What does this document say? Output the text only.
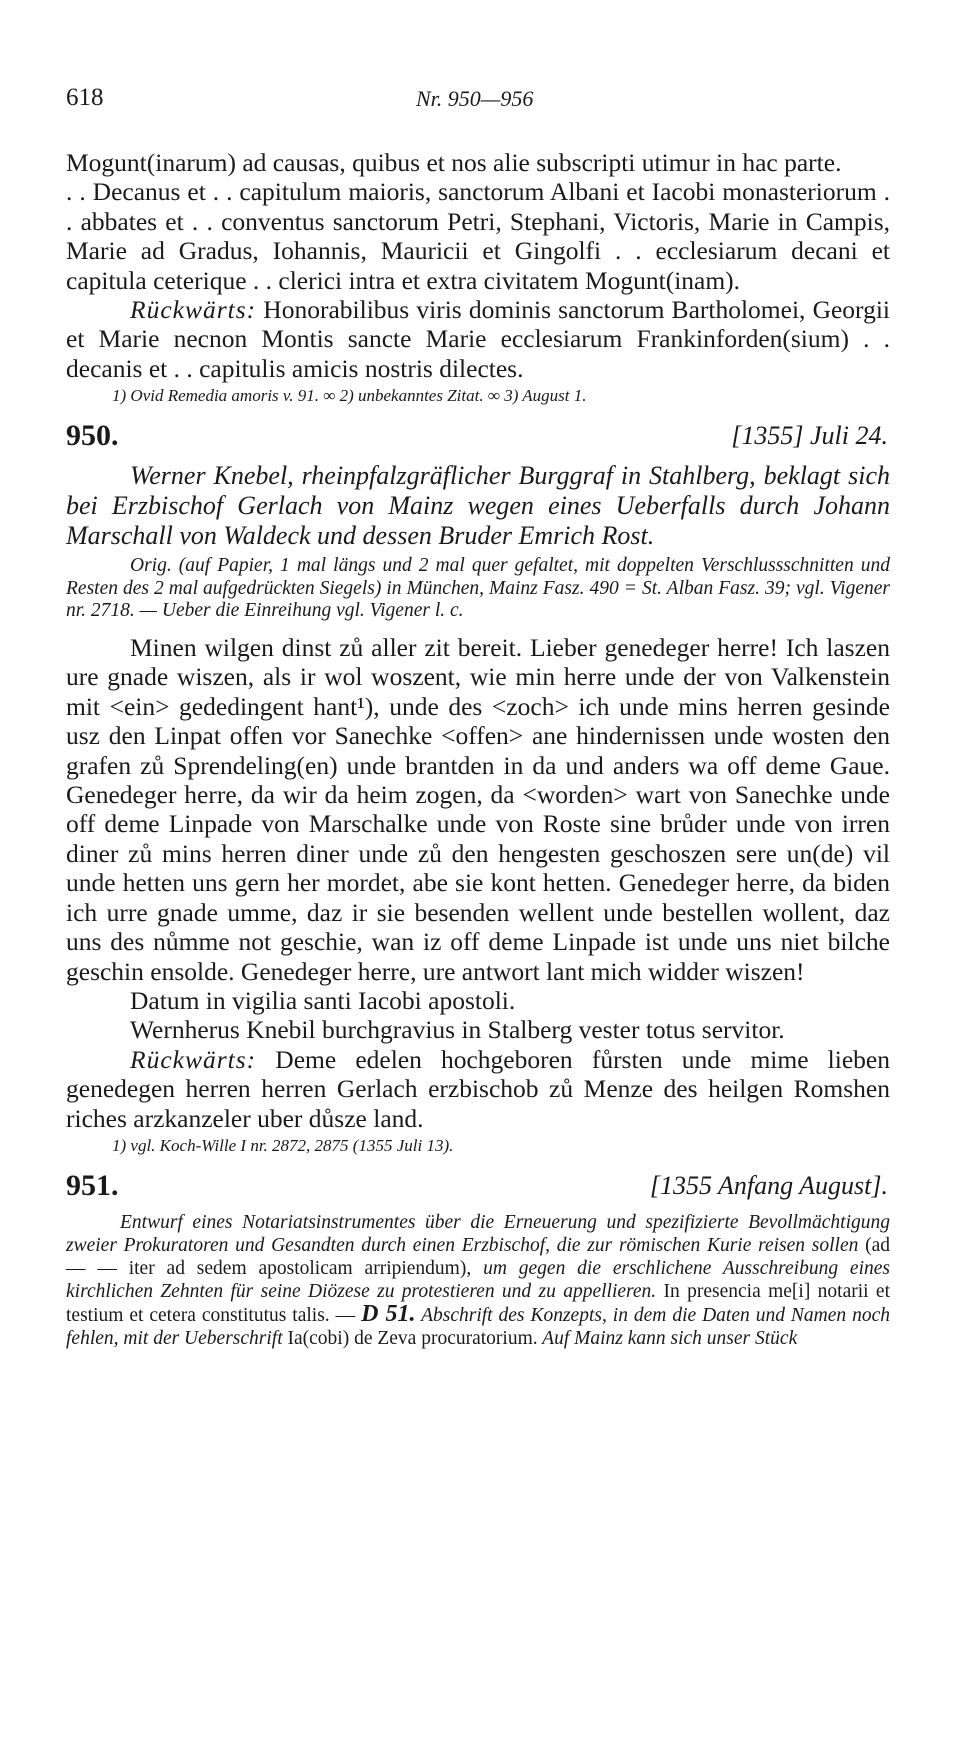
618	Nr. 950—956

Mogunt(inarum) ad causas, quibus et nos alie subscripti utimur in hac parte.

. . Decanus et . . capitulum maioris, sanctorum Albani et Iacobi monasteriorum . . abbates et . . conventus sanctorum Petri, Stephani, Victoris, Marie in Campis, Marie ad Gradus, Iohannis, Mauricii et Gingolfi . . ecclesiarum decani et capitula ceterique . . clerici intra et extra civitatem Mogunt(inam).

Rückwärts: Honorabilibus viris dominis sanctorum Bartholomei, Georgii et Marie necnon Montis sancte Marie ecclesiarum Frankinforden(sium) . . decanis et . . capitulis amicis nostris dilectes.

1) Ovid Remedia amoris v. 91. ∞ 2) unbekanntes Zitat. ∞ 3) August 1.

950.	[1355] Juli 24.

Werner Knebel, rheinpfalzgräflicher Burggraf in Stahlberg, beklagt sich bei Erzbischof Gerlach von Mainz wegen eines Ueberfalls durch Johann Marschall von Waldeck und dessen Bruder Emrich Rost.

Orig. (auf Papier, 1 mal längs und 2 mal quer gefaltet, mit doppelten Verschlussschnitten und Resten des 2 mal aufgedrückten Siegels) in München, Mainz Fasz. 490 = St. Alban Fasz. 39; vgl. Vigener nr. 2718. — Ueber die Einreihung vgl. Vigener l. c.

Minen wilgen dinst zů aller zit bereit. Lieber genedeger herre! Ich laszen ure gnade wiszen, als ir wol woszent, wie min herre unde der von Valkenstein mit ˂ein˃ gededingent hant¹), unde des ˂zoch˃ ich unde mins herren gesinde usz den Linpat offen vor Sanechke <offen> ane hindernissen unde wosten den grafen zů Sprendeling(en) unde brantden in da und anders wa off deme Gaue. Genedeger herre, da wir da heim zogen, da <worden> wart von Sanechke unde off deme Linpade von Marschalke unde von Roste sine brůder unde von irren diner zů mins herren diner unde zů den hengesten geschoszen sere un(de) vil unde hetten uns gern her mordet, abe sie kont hetten. Genedeger herre, da biden ich urre gnade umme, daz ir sie besenden wellent unde bestellen wollent, daz uns des nůmme not geschie, wan iz off deme Linpade ist unde uns niet bilche geschin ensolde. Genedeger herre, ure antwort lant mich widder wiszen!

Datum in vigilia santi Iacobi apostoli.

Wernherus Knebil burchgravius in Stalberg vester totus servitor.

Rückwärts: Deme edelen hochgeboren fůrsten unde mime lieben genedegen herren herren Gerlach erzbischob zů Menze des heilgen Romshen riches arzkanzeler uber důsze land.

1) vgl. Koch-Wille I nr. 2872, 2875 (1355 Juli 13).

951.	[1355 Anfang August].

Entwurf eines Notariatsinstrumentes über die Erneuerung und spezifizierte Bevollmächtigung zweier Prokuratoren und Gesandten durch einen Erzbischof, die zur römischen Kurie reisen sollen (ad — — iter ad sedem apostolicam arripiendum), um gegen die erschlichene Ausschreibung eines kirchlichen Zehnten für seine Diözese zu protestieren und zu appellieren. In presencia me[i] notarii et testium et cetera constitutus talis. — D 51. Abschrift des Konzepts, in dem die Daten und Namen noch fehlen, mit der Ueberschrift Ia(cobi) de Zeva procuratorium. Auf Mainz kann sich unser Stück
